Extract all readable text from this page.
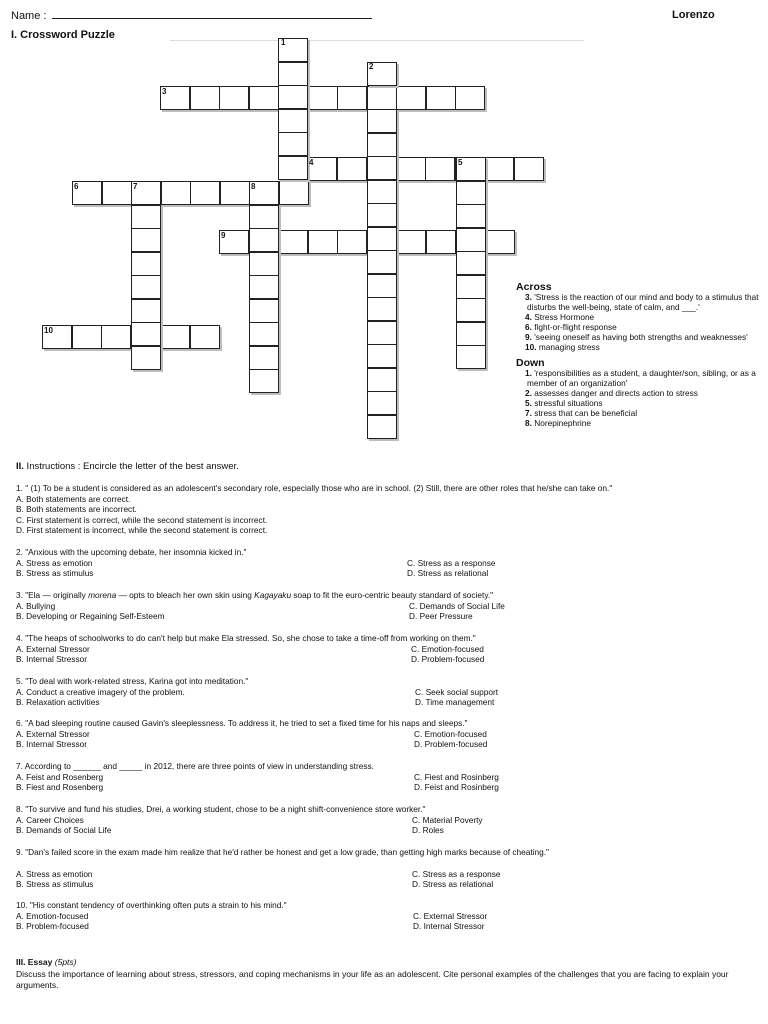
Name :	Lorenzo
I. Crossword Puzzle
1
2
3
4	5
6	7	8
9
10

Across

3. 'Stress is the reaction of our mind and body to a stimulus that disturbs the well-being, state of calm, and ___.'
4. Stress Hormone
6. fight-or-flight response
9. 'seeing oneself as having both strengths and weaknesses'
10. managing stress

Down

1. 'responsibilities as a student, a daughter/son, sibling, or as a member of an organization'
2. assesses danger and directs action to stress
5. stressful situations
7. stress that can be beneficial
8. Norepinephrine
II. Instructions : Encircle the letter of the best answer.
1. " (1) To be a student is considered as an adolescent's secondary role, especially those who are in school. (2) Still, there are other roles that he/she can take on."
A. Both statements are correct.
B. Both statements are incorrect.
C. First statement is correct, while the second statement is incorrect.
D. First statement is incorrect, while the second statement is correct.
2. "Anxious with the upcoming debate, her insomnia kicked in."
A. Stress as emotion
B. Stress as stimulus
C. Stress as a response
D. Stress as relational
3. "Ela — originally morena — opts to bleach her own skin using Kagayaku soap to fit the euro-centric beauty standard of society."
A. Bullying
B. Developing or Regaining Self-Esteem
C. Demands of Social Life
D. Peer Pressure
4. "The heaps of schoolworks to do can't help but make Ela stressed. So, she chose to take a time-off from working on them."
A. External Stressor
B. Internal Stressor
C. Emotion-focused
D. Problem-focused
5. "To deal with work-related stress, Karina got into meditation."
A. Conduct a creative imagery of the problem.
B. Relaxation activities
C. Seek social support
D. Time management
6. "A bad sleeping routine caused Gavin's sleeplessness. To address it, he tried to set a fixed time for his naps and sleeps."
A. External Stressor
B. Internal Stressor
C. Emotion-focused
D. Problem-focused
7. According to ______ and _____ in 2012, there are three points of view in understanding stress.
A. Feist and Rosenberg
B. Fiest and Rosenberg
C. Fiest and Rosinberg
D. Feist and Rosinberg
8. "To survive and fund his studies, Drei, a working student, chose to be a night shift-convenience store worker."
A. Career Choices
B. Demands of Social Life
C. Material Poverty
D. Roles
9. "Dan's failed score in the exam made him realize that he'd rather be honest and get a low grade, than getting high marks because of cheating."
A. Stress as emotion
B. Stress as stimulus
C. Stress as a response
D. Stress as relational
10. "His constant tendency of overthinking often puts a strain to his mind."
A. Emotion-focused
B. Problem-focused
C. External Stressor
D. Internal Stressor
III. Essay (5pts)
Discuss the importance of learning about stress, stressors, and coping mechanisms in your life as an adolescent. Cite personal examples of the challenges that you are facing to explain your arguments.
